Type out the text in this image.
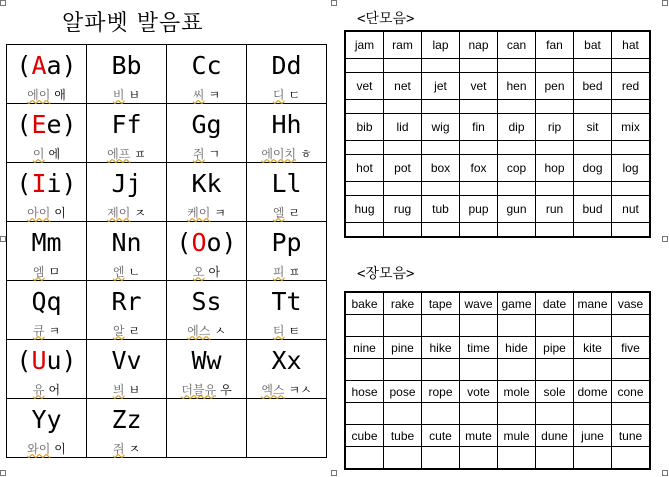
알파벳 발음표
(Aa)	Bb	Cc	Dd
에이 애	비 ㅂ	씨 ㅋ	디 ㄷ
(Ee)	Ff	Gg	Hh
이 에	에프 ㅍ	쥐 ㄱ	에이치 ㅎ
(Ii)	Jj	Kk	Ll
아이 이	제이 ㅈ	케이 ㅋ	엘 ㄹ
Mm	Nn	(Oo)	Pp
엠 ㅁ	엔 ㄴ	오 아	피 ㅍ
Qq	Rr	Ss	Tt
큐 ㅋ	알 ㄹ	에스 ㅅ	티 ㅌ
(Uu)	Vv	Ww	Xx
유 어	븨 ㅂ	더블유 우	엑스 ㅋㅅ
Yy	Zz		
와이 이	쥐 ㅈ		
<단모음>
jam	ram	lap	nap	can	fan	bat	hat

vet	net	jet	vet	hen	pen	bed	red

bib	lid	wig	fin	dip	rip	sit	mix

hot	pot	box	fox	cop	hop	dog	log

hug	rug	tub	pup	gun	run	bud	nut

<장모음>
bake	rake	tape	wave	game	date	mane	vase

nine	pine	hike	time	hide	pipe	kite	five

hose	pose	rope	vote	mole	sole	dome	cone

cube	tube	cute	mute	mule	dune	june	tune
